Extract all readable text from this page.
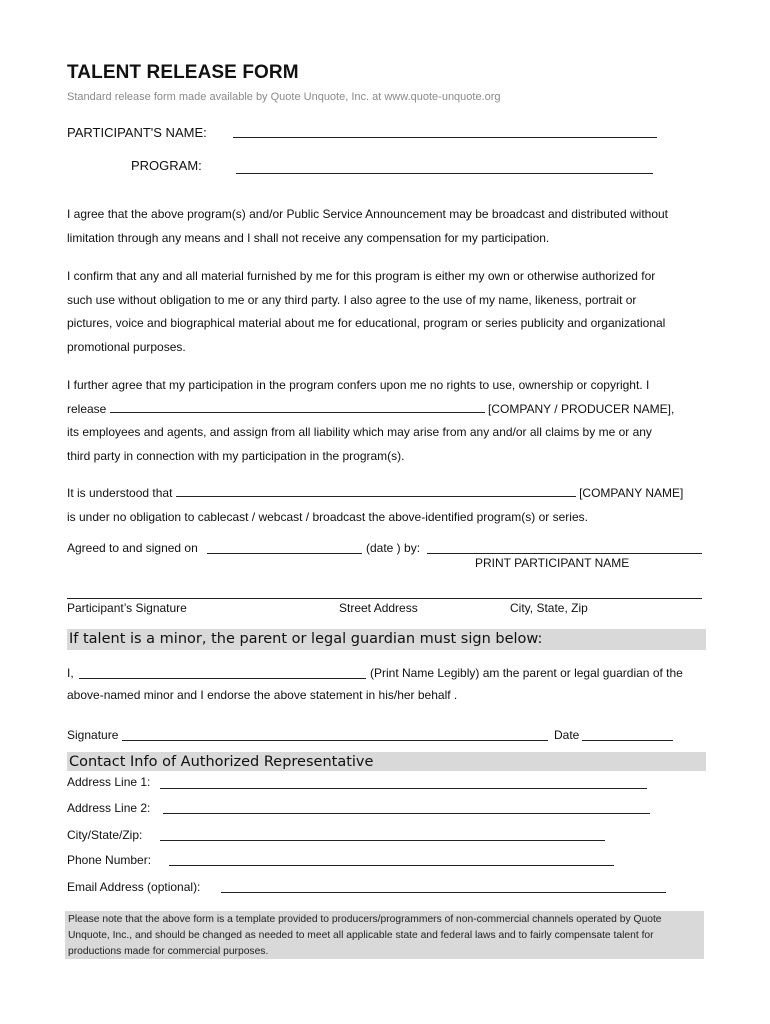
TALENT RELEASE FORM
Standard release form made available by Quote Unquote, Inc. at www.quote-unquote.org
PARTICIPANT'S NAME:
PROGRAM:

I agree that the above program(s) and/or Public Service Announcement may be broadcast and distributed without

limitation through any means and I shall not receive any compensation for my participation.

I confirm that any and all material furnished by me for this program is either my own or otherwise authorized for

such use without obligation to me or any third party. I also agree to the use of my name, likeness, portrait or

pictures, voice and biographical material about me for educational, program or series publicity and organizational

promotional purposes.

I further agree that my participation in the program confers upon me no rights to use, ownership or copyright. I

release	[COMPANY / PRODUCER NAME],

its employees and agents, and assign from all liability which may arise from any and/or all claims by me or any

third party in connection with my participation in the program(s).

It is understood that	[COMPANY NAME]

is under no obligation to cablecast / webcast / broadcast the above-identified program(s) or series.

Agreed to and signed on	(date ) by:
PRINT PARTICIPANT NAME
Participant’s Signature	Street Address	City, State, Zip
If talent is a minor, the parent or legal guardian must sign below:
I,	(Print Name Legibly) am the parent or legal guardian of the
above-named minor and I endorse the above statement in his/her behalf .
Signature	Date
Contact Info of Authorized Representative
Address Line 1:
Address Line 2:
City/State/Zip:
Phone Number:
Email Address (optional):
Please note that the above form is a template provided to producers/programmers of non-commercial channels operated by Quote Unquote, Inc., and should be changed as needed to meet all applicable state and federal laws and to fairly compensate talent for productions made for commercial purposes.
